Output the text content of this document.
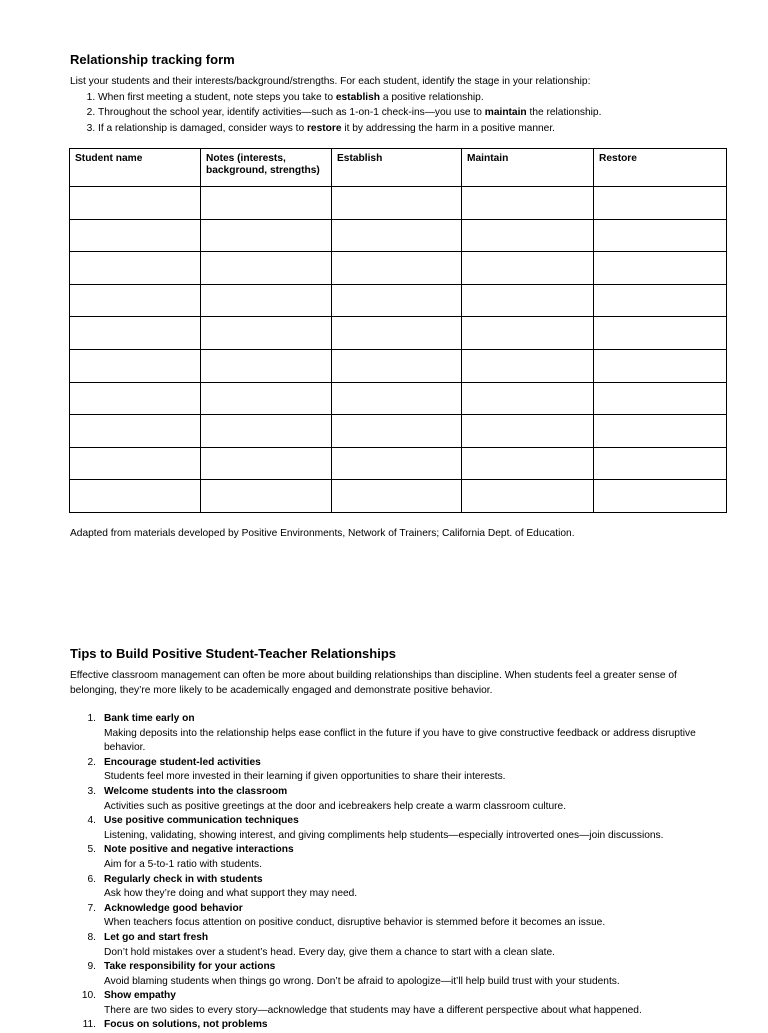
Relationship tracking form
List your students and their interests/background/strengths. For each student, identify the stage in your relationship:
1. When first meeting a student, note steps you take to establish a positive relationship.
2. Throughout the school year, identify activities—such as 1-on-1 check-ins—you use to maintain the relationship.
3. If a relationship is damaged, consider ways to restore it by addressing the harm in a positive manner.
Student name	Notes (interests, background, strengths)	Establish	Maintain	Restore

Adapted from materials developed by Positive Environments, Network of Trainers; California Dept. of Education.
Tips to Build Positive Student-Teacher Relationships
Effective classroom management can often be more about building relationships than discipline. When students feel a greater sense of belonging, they’re more likely to be academically engaged and demonstrate positive behavior.
1. Bank time early on
Making deposits into the relationship helps ease conflict in the future if you have to give constructive feedback or address disruptive behavior.
2. Encourage student-led activities
Students feel more invested in their learning if given opportunities to share their interests.
3. Welcome students into the classroom
Activities such as positive greetings at the door and icebreakers help create a warm classroom culture.
4. Use positive communication techniques
Listening, validating, showing interest, and giving compliments help students—especially introverted ones—join discussions.
5. Note positive and negative interactions
Aim for a 5-to-1 ratio with students.
6. Regularly check in with students
Ask how they’re doing and what support they may need.
7. Acknowledge good behavior
When teachers focus attention on positive conduct, disruptive behavior is stemmed before it becomes an issue.
8. Let go and start fresh
Don’t hold mistakes over a student’s head. Every day, give them a chance to start with a clean slate.
9. Take responsibility for your actions
Avoid blaming students when things go wrong. Don’t be afraid to apologize—it’ll help build trust with your students.
10. Show empathy
There are two sides to every story—acknowledge that students may have a different perspective about what happened.
11. Focus on solutions, not problems
